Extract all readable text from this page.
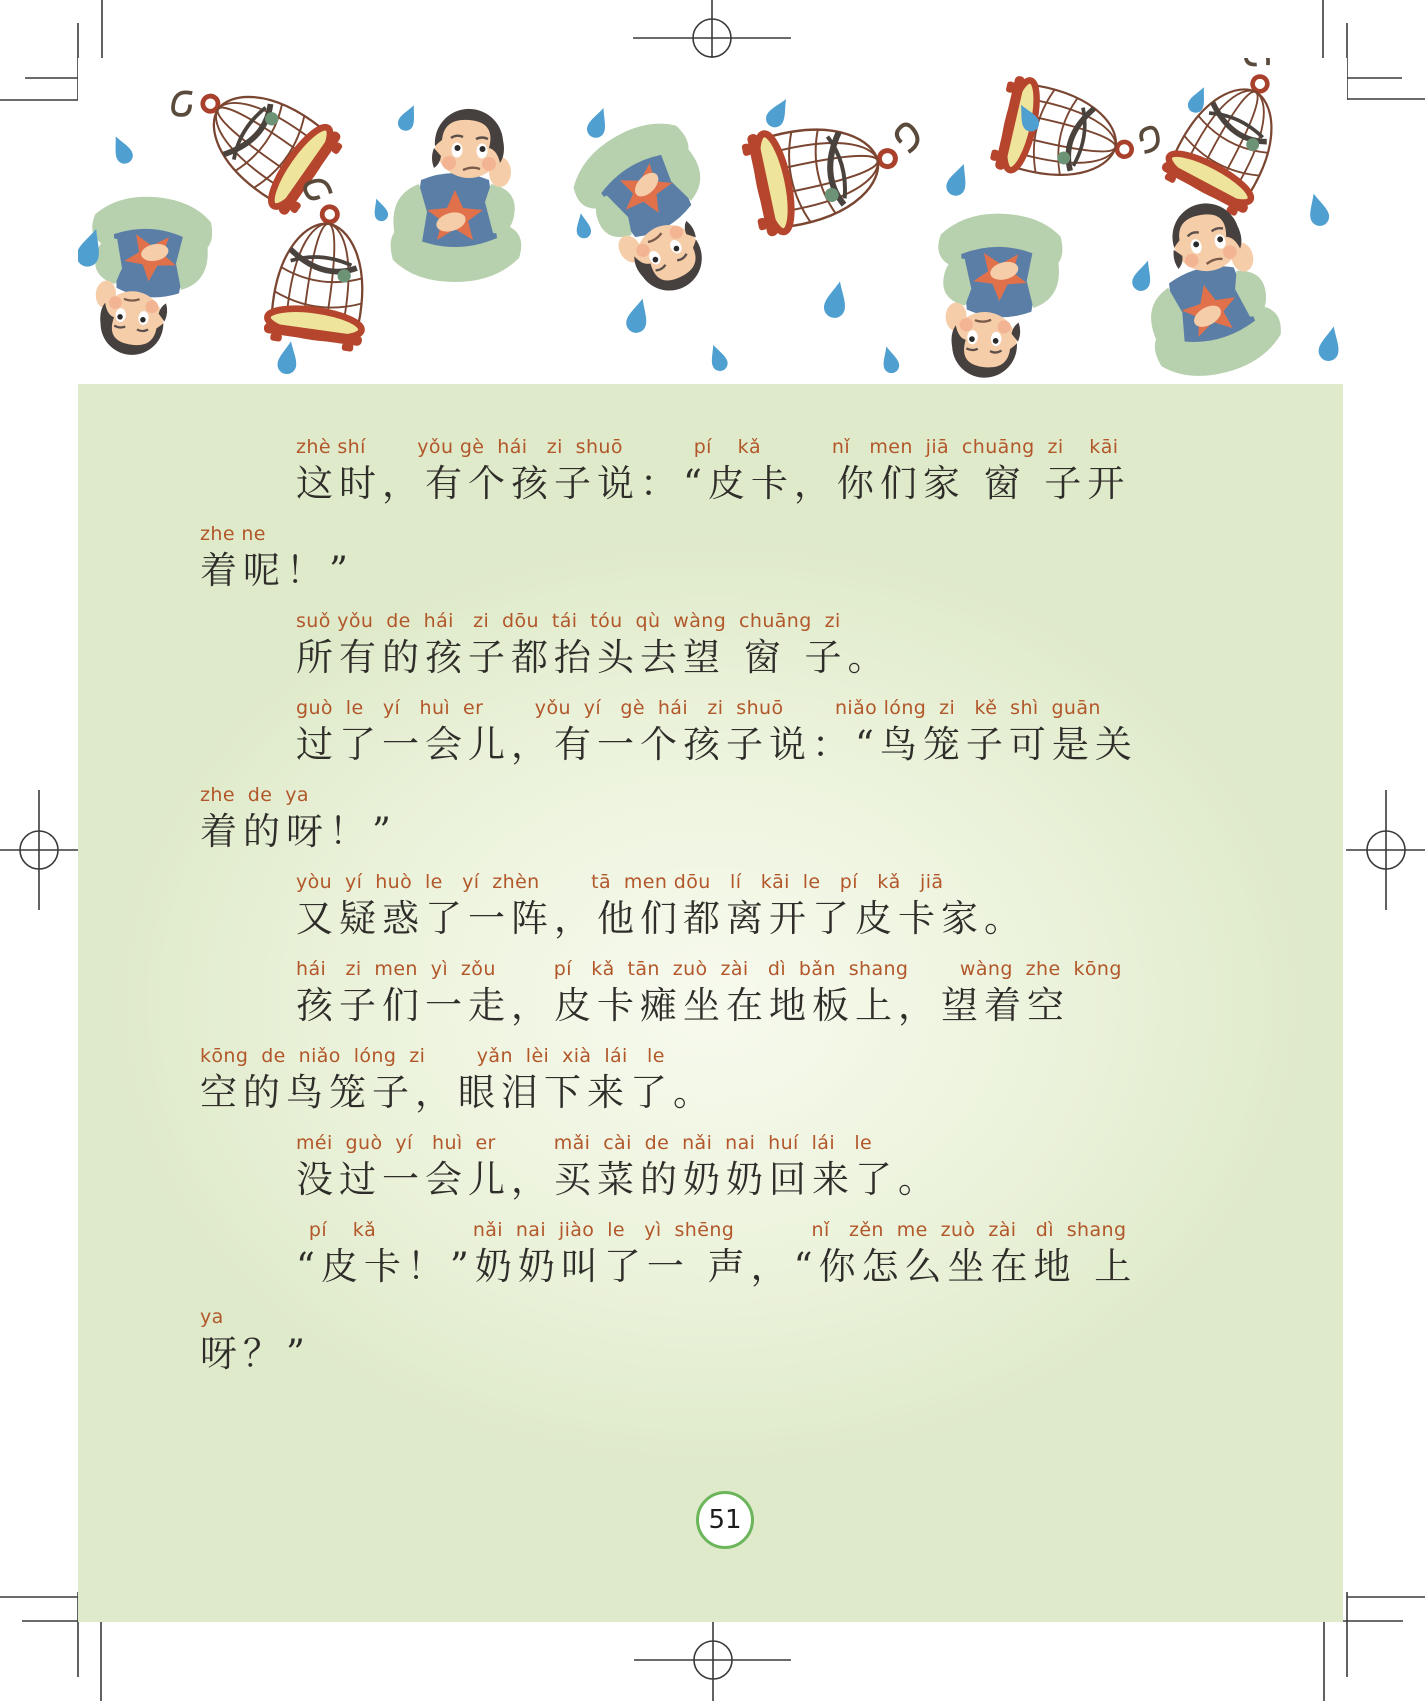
zhè shí        yǒu gè  hái   zi  shuō           pí    kǎ           nǐ   men  jiā  chuāng  zi    kāi
这时，有个孩子说：“皮卡，你们家 窗 子开
zhe ne
着呢！”
suǒ yǒu  de  hái   zi  dōu  tái  tóu  qù  wàng  chuāng  zi
所有的孩子都抬头去望 窗 子。
guò  le   yí   huì  er        yǒu  yí   gè  hái   zi  shuō        niǎo lóng  zi   kě  shì  guān
过了一会儿，有一个孩子说：“鸟笼子可是关
zhe  de  ya
着的呀！”
yòu  yí  huò  le   yí  zhèn        tā  men dōu   lí   kāi  le   pí   kǎ   jiā
又疑惑了一阵，他们都离开了皮卡家。
hái   zi  men  yì  zǒu         pí   kǎ  tān  zuò  zài   dì  bǎn  shang        wàng  zhe  kōng
孩子们一走，皮卡瘫坐在地板上，望着空
kōng  de  niǎo  lóng  zi        yǎn  lèi  xià  lái   le
空的鸟笼子，眼泪下来了。
méi  guò  yí   huì  er         mǎi  cài  de  nǎi  nai  huí  lái   le
没过一会儿，买菜的奶奶回来了。
pí    kǎ               nǎi  nai  jiào  le   yì  shēng            nǐ   zěn  me  zuò  zài   dì  shang
“皮卡！”奶奶叫了一 声，“你怎么坐在地 上
ya
呀？”
51
